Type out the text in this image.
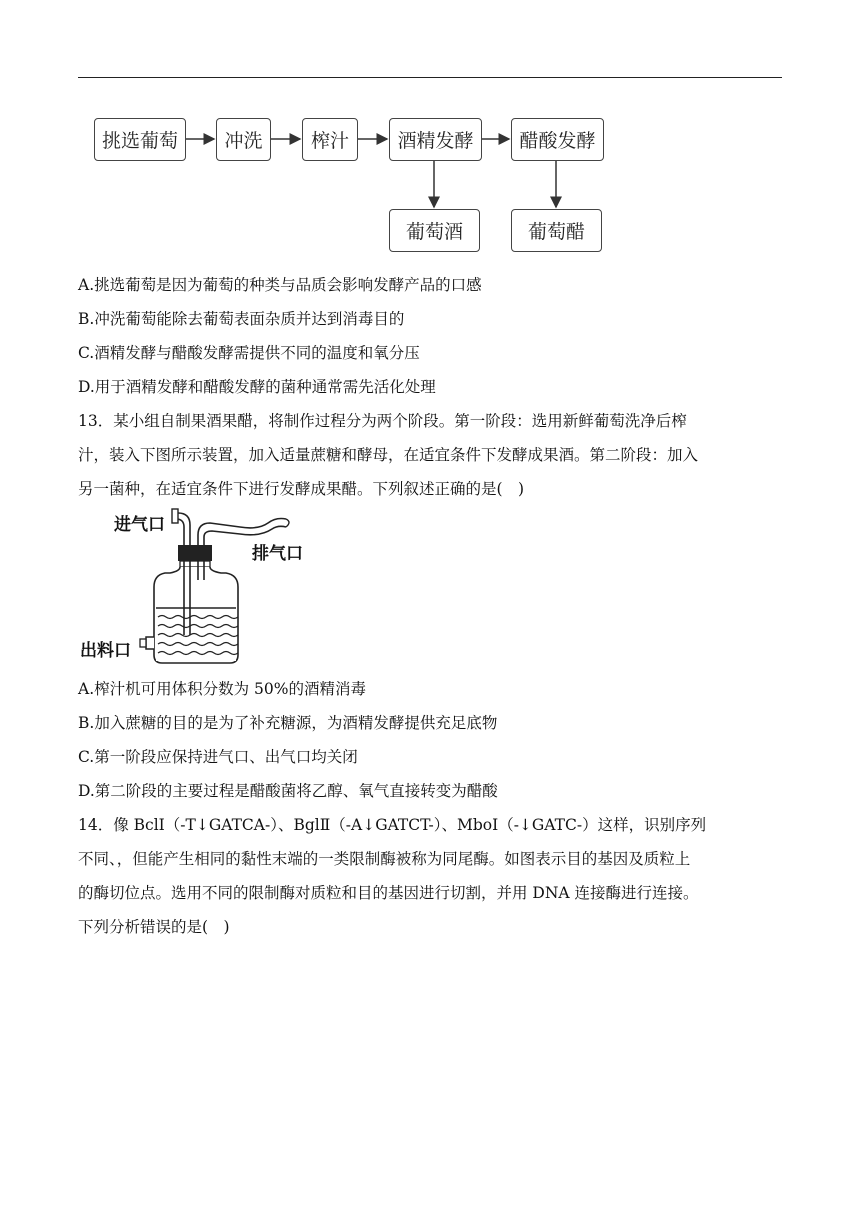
挑选葡萄	冲洗	榨汁	酒精发酵	醋酸发酵
葡萄酒	葡萄醋
A.挑选葡萄是因为葡萄的种类与品质会影响发酵产品的口感
B.冲洗葡萄能除去葡萄表面杂质并达到消毒目的
C.酒精发酵与醋酸发酵需提供不同的温度和氧分压
D.用于酒精发酵和醋酸发酵的菌种通常需先活化处理
13．某小组自制果酒果醋，将制作过程分为两个阶段。第一阶段：选用新鲜葡萄洗净后榨
汁，装入下图所示装置，加入适量蔗糖和酵母，在适宜条件下发酵成果酒。第二阶段：加入
另一菌种，在适宜条件下进行发酵成果醋。下列叙述正确的是(　)
进气口
排气口
出料口
A.榨汁机可用体积分数为 50%的酒精消毒
B.加入蔗糖的目的是为了补充糖源，为酒精发酵提供充足底物
C.第一阶段应保持进气口、出气口均关闭
D.第二阶段的主要过程是醋酸菌将乙醇、氧气直接转变为醋酸
14．像 BclⅠ（-T↓GATCA-）、BglⅡ（-A↓GATCT-）、MboⅠ（-↓GATC-）这样，识别序列
不同、，但能产生相同的黏性末端的一类限制酶被称为同尾酶。如图表示目的基因及质粒上
的酶切位点。选用不同的限制酶对质粒和目的基因进行切割，并用 DNA 连接酶进行连接。
下列分析错误的是(　)
